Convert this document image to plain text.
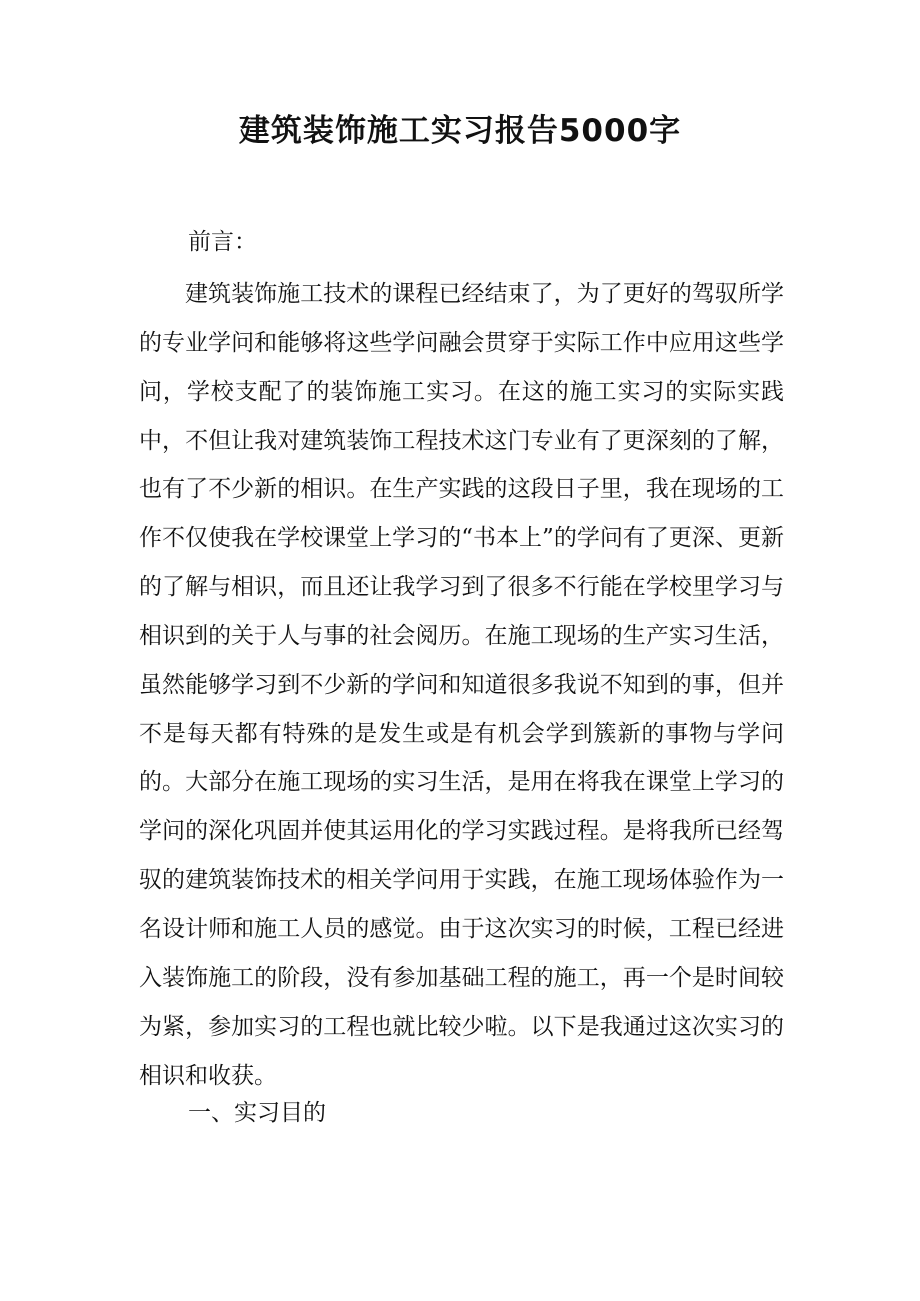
建筑装饰施工实习报告5000字

前言：

建筑装饰施工技术的课程已经结束了，为了更好的驾驭所学的专业学问和能够将这些学问融会贯穿于实际工作中应用这些学问，学校支配了的装饰施工实习。在这的施工实习的实际实践中，不但让我对建筑装饰工程技术这门专业有了更深刻的了解，也有了不少新的相识。在生产实践的这段日子里，我在现场的工作不仅使我在学校课堂上学习的“书本上”的学问有了更深、更新的了解与相识，而且还让我学习到了很多不行能在学校里学习与相识到的关于人与事的社会阅历。在施工现场的生产实习生活，虽然能够学习到不少新的学问和知道很多我说不知到的事，但并不是每天都有特殊的是发生或是有机会学到簇新的事物与学问的。大部分在施工现场的实习生活，是用在将我在课堂上学习的学问的深化巩固并使其运用化的学习实践过程。是将我所已经驾驭的建筑装饰技术的相关学问用于实践，在施工现场体验作为一名设计师和施工人员的感觉。由于这次实习的时候，工程已经进入装饰施工的阶段，没有参加基础工程的施工，再一个是时间较为紧，参加实习的工程也就比较少啦。以下是我通过这次实习的相识和收获。

一、实习目的
